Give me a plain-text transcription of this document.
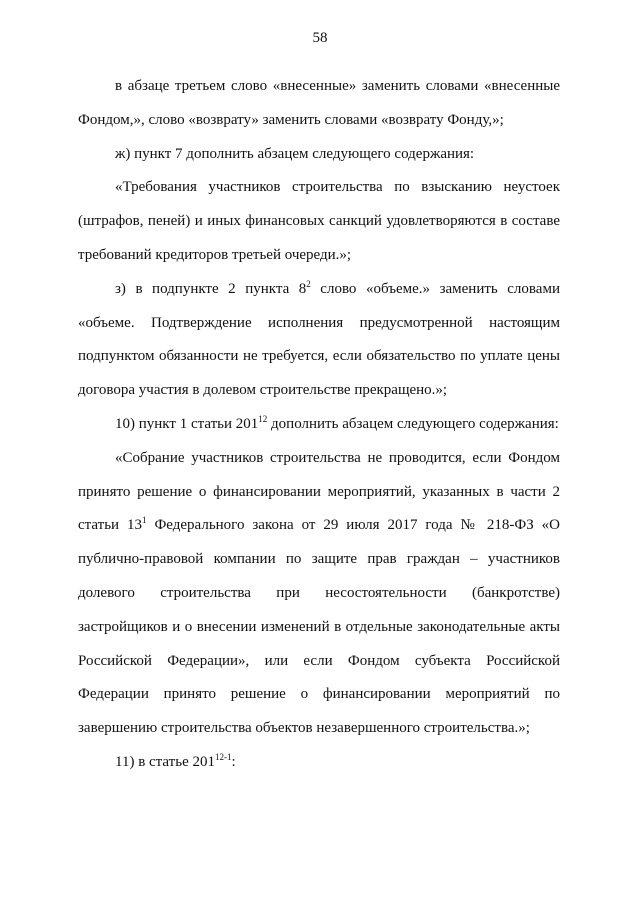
58

в абзаце третьем слово «внесенные» заменить словами «внесенные Фондом,», слово «возврату» заменить словами «возврату Фонду,»;

ж) пункт 7 дополнить абзацем следующего содержания:

«Требования участников строительства по взысканию неустоек (штрафов, пеней) и иных финансовых санкций удовлетворяются в составе требований кредиторов третьей очереди.»;

з) в подпункте 2 пункта $8^2$ слово «объеме.» заменить словами «объеме. Подтверждение исполнения предусмотренной настоящим подпунктом обязанности не требуется, если обязательство по уплате цены договора участия в долевом строительстве прекращено.»;

10) пункт 1 статьи $201^{12}$ дополнить абзацем следующего содержания:

«Собрание участников строительства не проводится, если Фондом принято решение о финансировании мероприятий, указанных в части 2 статьи $13^1$ Федерального закона от 29 июля 2017 года № 218-ФЗ «О публично-правовой компании по защите прав граждан – участников долевого строительства при несостоятельности (банкротстве) застройщиков и о внесении изменений в отдельные законодательные акты Российской Федерации», или если Фондом субъекта Российской Федерации принято решение о финансировании мероприятий по завершению строительства объектов незавершенного строительства.»;

11) в статье 201$^{12-1}$:
